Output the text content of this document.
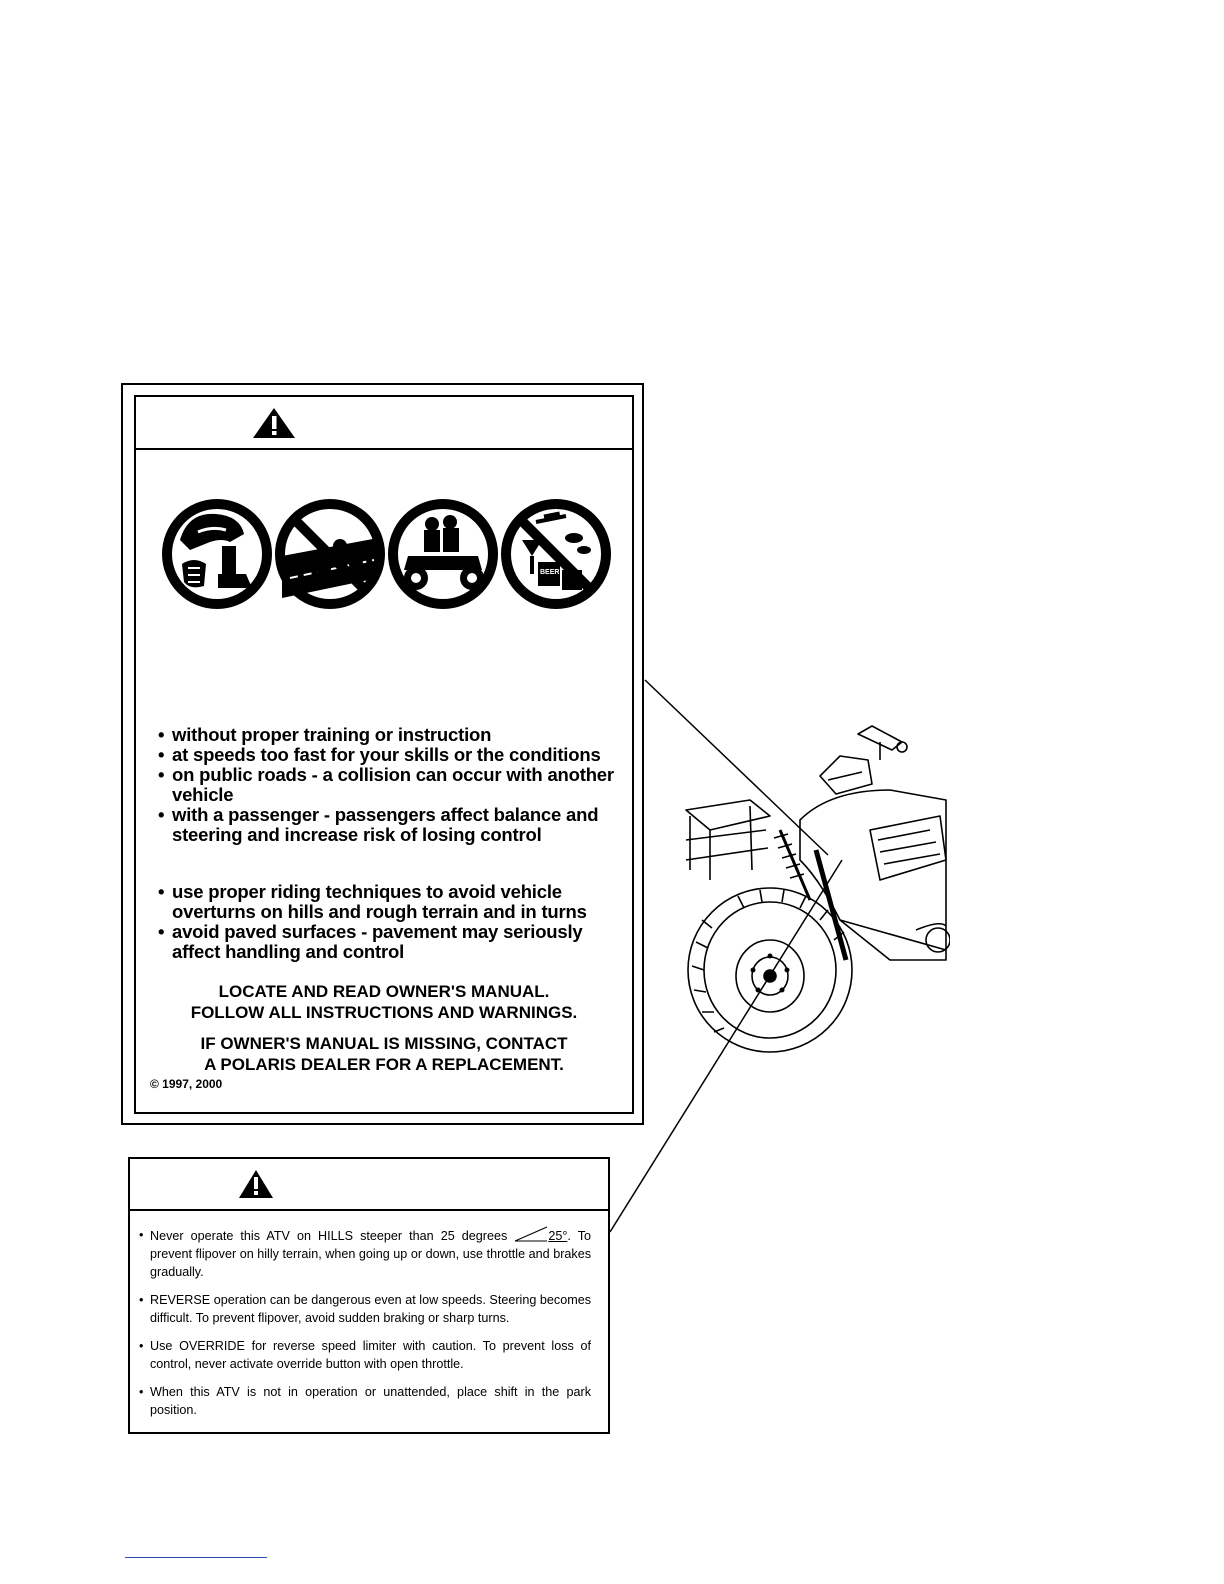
BEER
• without proper training or instruction
• at speeds too fast for your skills or the conditions
• on public roads - a collision can occur with another vehicle
• with a passenger - passengers affect balance and steering and increase risk of losing control
• use proper riding techniques to avoid vehicle overturns on hills and rough terrain and in turns
• avoid paved surfaces - pavement may seriously affect handling and control
LOCATE AND READ OWNER'S MANUAL.
FOLLOW ALL INSTRUCTIONS AND WARNINGS.
IF OWNER'S MANUAL IS MISSING, CONTACT
A POLARIS DEALER FOR A REPLACEMENT.
© 1997, 2000
• Never operate this ATV on HILLS steeper than 25 degrees	25°. To prevent flipover on hilly terrain, when going up or down, use throttle and brakes gradually.
• REVERSE operation can be dangerous even at low speeds. Steering becomes difficult. To prevent flipover, avoid sudden braking or sharp turns.
• Use OVERRIDE for reverse speed limiter with caution. To prevent loss of control, never activate override button with open throttle.
• When this ATV is not in operation or unattended, place shift in the park position.
